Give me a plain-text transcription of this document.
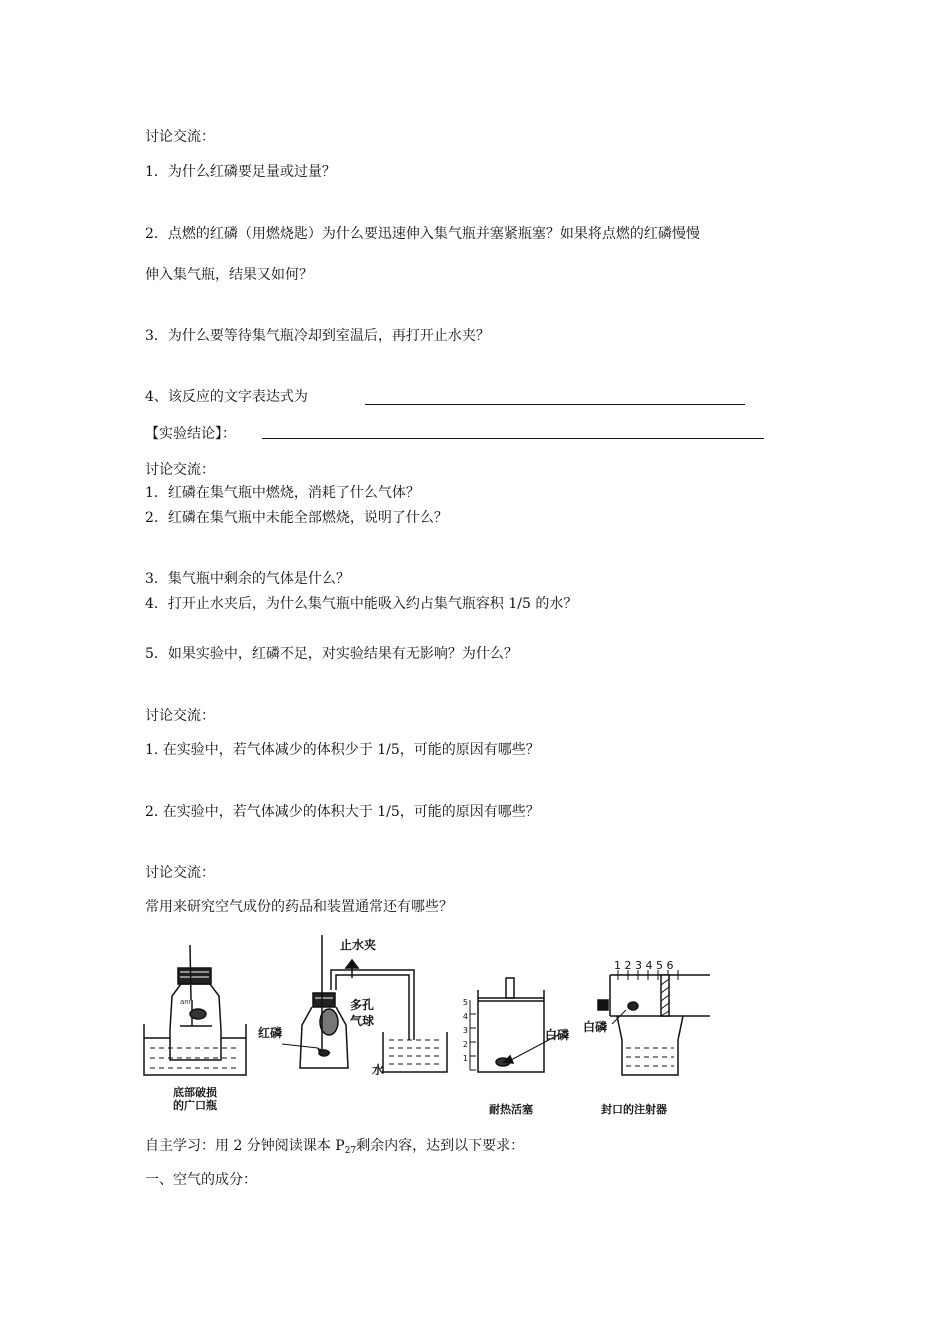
讨论交流：
1．为什么红磷要足量或过量？
2．点燃的红磷（用燃烧匙）为什么要迅速伸入集气瓶并塞紧瓶塞？如果将点燃的红磷慢慢
伸入集气瓶，结果又如何？
3．为什么要等待集气瓶冷却到室温后，再打开止水夹？
4、该反应的文字表达式为
【实验结论】：
讨论交流：
1．红磷在集气瓶中燃烧，消耗了什么气体？
2．红磷在集气瓶中未能全部燃烧，说明了什么？
3．集气瓶中剩余的气体是什么？
4．打开止水夹后，为什么集气瓶中能吸入约占集气瓶容积 1/5 的水？
5．如果实验中，红磷不足，对实验结果有无影响？为什么？
讨论交流：
1. 在实验中，若气体减少的体积少于 1/5，可能的原因有哪些？
2. 在实验中，若气体减少的体积大于 1/5，可能的原因有哪些？
讨论交流：
常用来研究空气成份的药品和装置通常还有哪些？
ann
止水夹
多孔
气球
红磷
水
白磷
白磷
1 2 3 4 5 6
5
4
3
2
1
底部破损
的广口瓶	耐热活塞	封口的注射器
自主学习：用 2 分钟阅读课本 $P_{27}$剩余内容，达到以下要求：
一、空气的成分：
